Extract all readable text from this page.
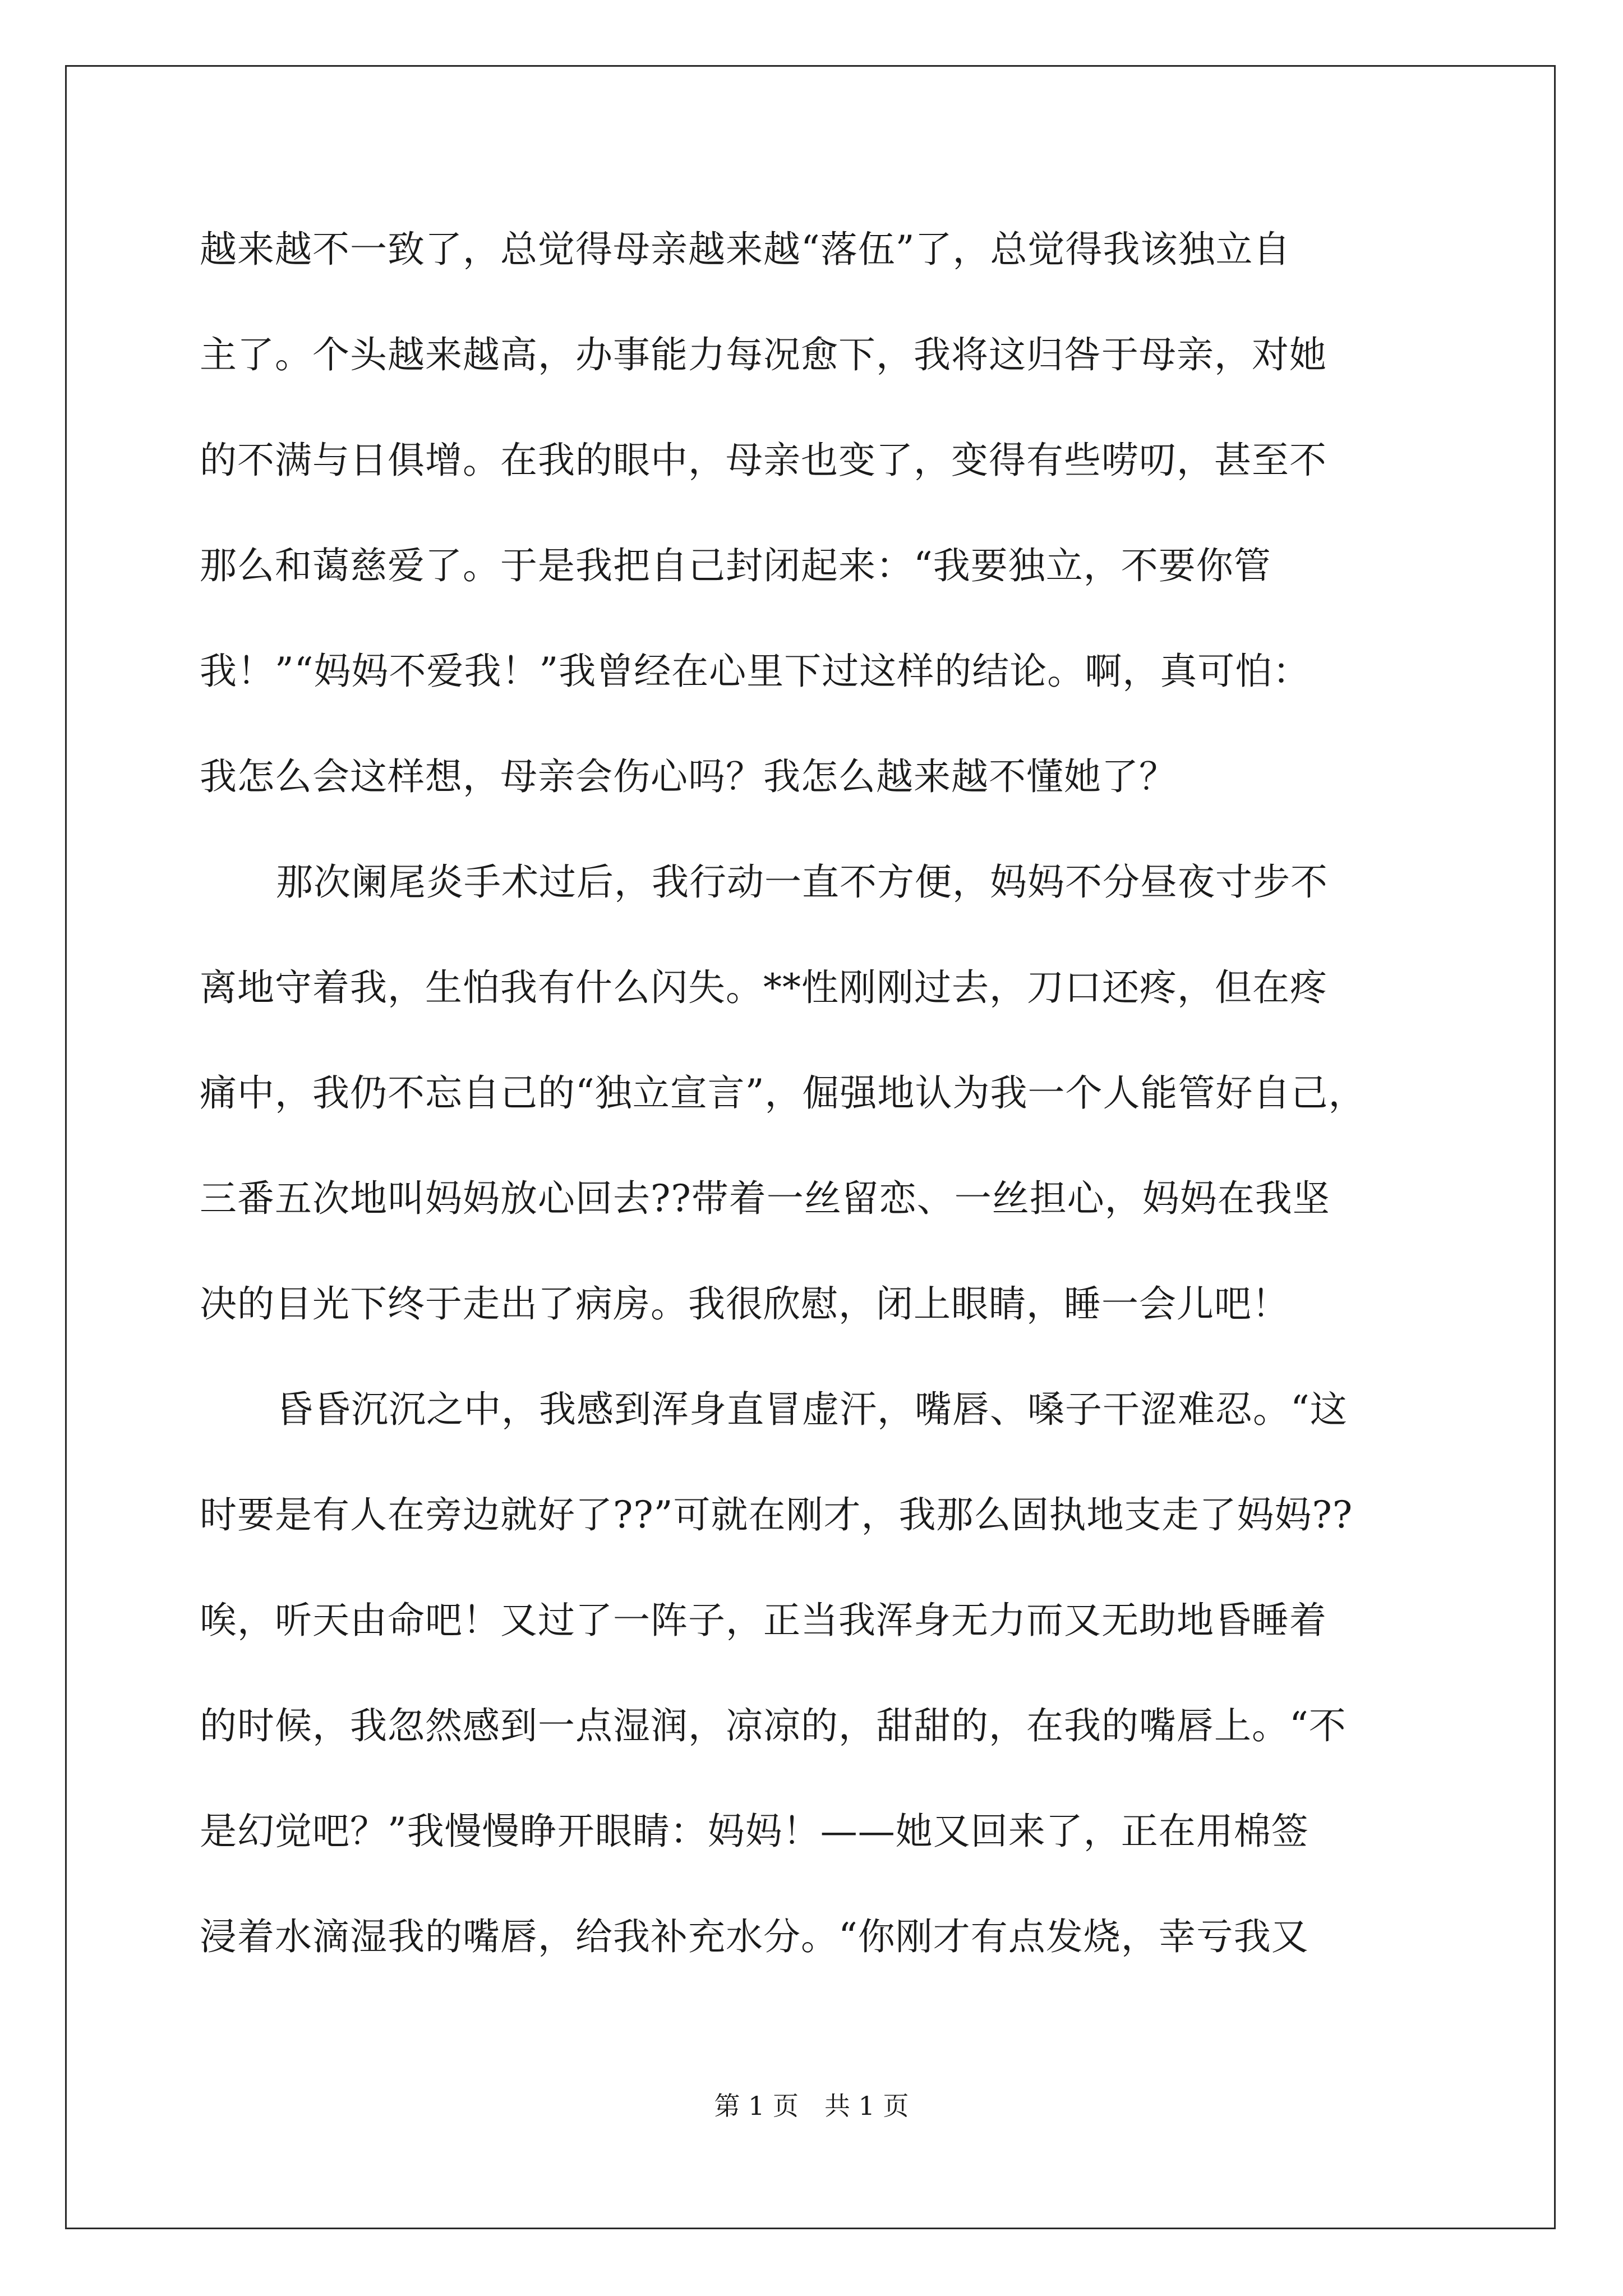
越来越不一致了，总觉得母亲越来越“落伍”了，总觉得我该独立自
主了。个头越来越高，办事能力每况愈下，我将这归咎于母亲，对她
的不满与日俱增。在我的眼中，母亲也变了，变得有些唠叨，甚至不
那么和蔼慈爱了。于是我把自己封闭起来：“我要独立，不要你管
我！”“妈妈不爱我！”我曾经在心里下过这样的结论。啊，真可怕：
我怎么会这样想，母亲会伤心吗？我怎么越来越不懂她了？
那次阑尾炎手术过后，我行动一直不方便，妈妈不分昼夜寸步不
离地守着我，生怕我有什么闪失。**性刚刚过去，刀口还疼，但在疼
痛中，我仍不忘自己的“独立宣言”，倔强地认为我一个人能管好自己，
三番五次地叫妈妈放心回去??带着一丝留恋、一丝担心，妈妈在我坚
决的目光下终于走出了病房。我很欣慰，闭上眼睛，睡一会儿吧！
昏昏沉沉之中，我感到浑身直冒虚汗，嘴唇、嗓子干涩难忍。“这
时要是有人在旁边就好了??”可就在刚才，我那么固执地支走了妈妈??
唉，听天由命吧！又过了一阵子，正当我浑身无力而又无助地昏睡着
的时候，我忽然感到一点湿润，凉凉的，甜甜的，在我的嘴唇上。“不
是幻觉吧？”我慢慢睁开眼睛：妈妈！——她又回来了，正在用棉签
浸着水滴湿我的嘴唇，给我补充水分。“你刚才有点发烧，幸亏我又
第 1 页 共 1 页
